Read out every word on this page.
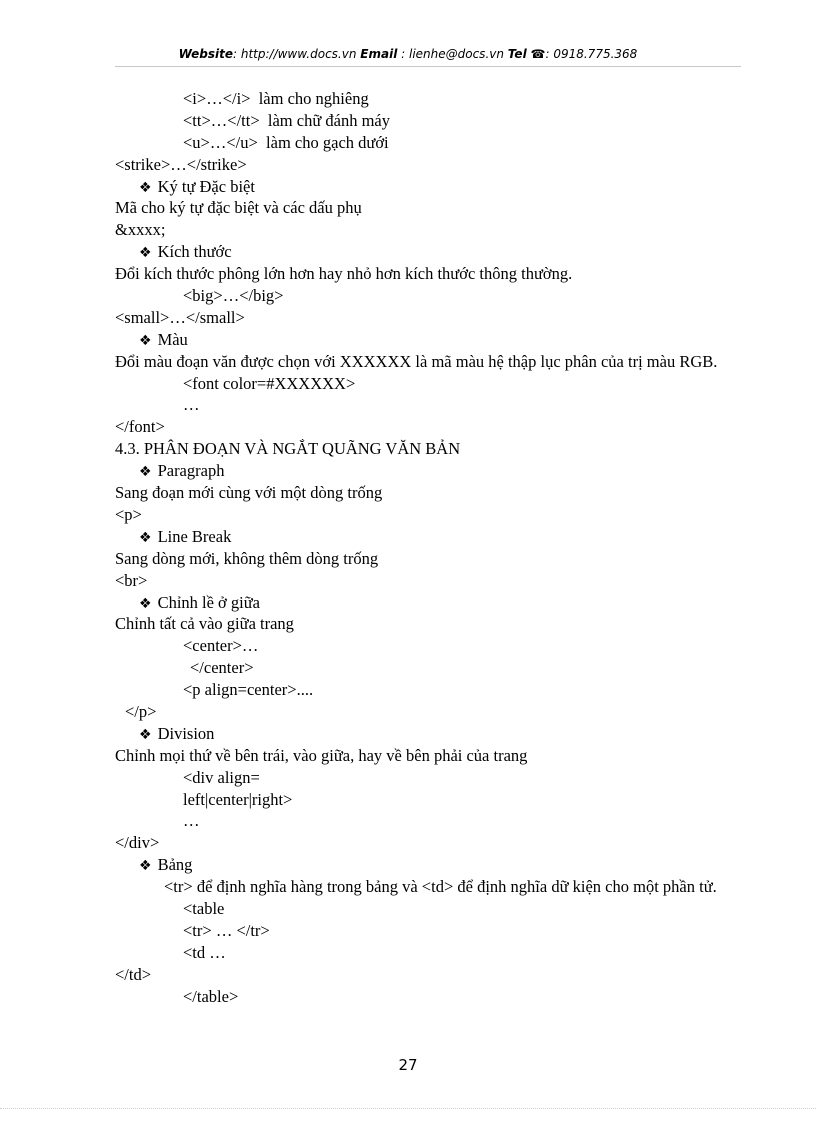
Website: http://www.docs.vn Email : lienhe@docs.vn Tel ☎: 0918.775.368
<i>…</i>  làm cho nghiêng
<tt>…</tt>  làm chữ đánh máy
<u>…</u>  làm cho gạch dưới
<strike>…</strike>
❖ Ký tự Đặc biệt
Mã cho ký tự đặc biệt và các dấu phụ
&xxxx;
❖ Kích thước
Đổi kích thước phông lớn hơn hay nhỏ hơn kích thước thông thường.
<big>…</big>
<small>…</small>
❖ Màu
Đổi màu đoạn văn được chọn với XXXXXX là mã màu hệ thập lục phân của trị màu RGB.
<font color=#XXXXXX>
…
</font>
4.3. PHÂN ĐOẠN VÀ NGẮT QUÃNG VĂN BẢN
❖ Paragraph
Sang đoạn mới cùng với một dòng trống
<p>
❖ Line Break
Sang dòng mới, không thêm dòng trống
<br>
❖ Chỉnh lề ở giữa
Chỉnh tất cả vào giữa trang
<center>…
</center>
<p align=center>....
</p>
❖ Division
Chỉnh mọi thứ về bên trái, vào giữa, hay về bên phải của trang
<div align=
left|center|right>
…
</div>
❖ Bảng
<tr> để định nghĩa hàng trong bảng và <td> để định nghĩa dữ kiện cho một phần tử.
<table
<tr> … </tr>
<td …
</td>
</table>
27
